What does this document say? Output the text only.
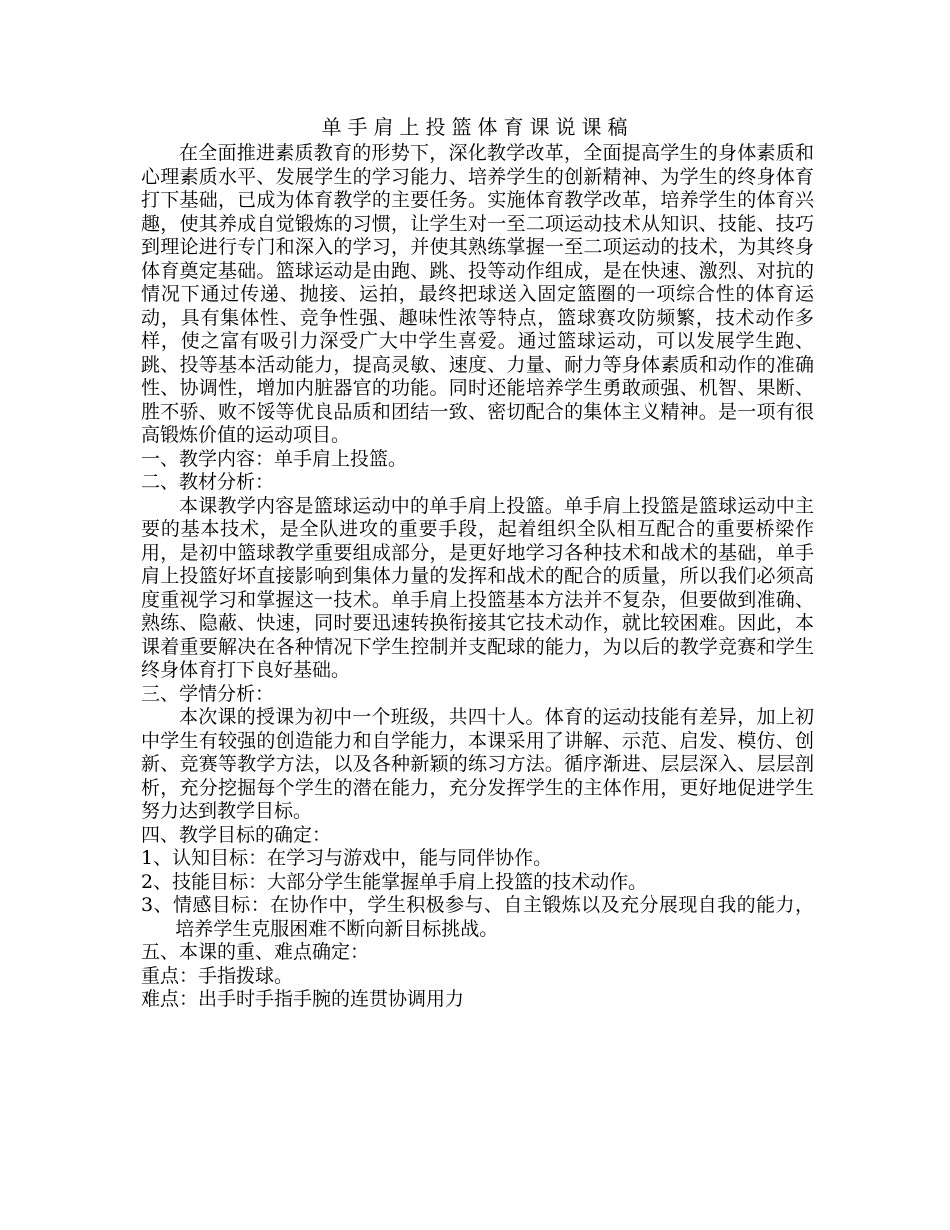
单手肩上投篮体育课说课稿

在全面推进素质教育的形势下，深化教学改革，全面提高学生的身体素质和心理素质水平、发展学生的学习能力、培养学生的创新精神、为学生的终身体育打下基础，已成为体育教学的主要任务。实施体育教学改革，培养学生的体育兴趣，使其养成自觉锻炼的习惯，让学生对一至二项运动技术从知识、技能、技巧到理论进行专门和深入的学习，并使其熟练掌握一至二项运动的技术，为其终身体育奠定基础。篮球运动是由跑、跳、投等动作组成，是在快速、激烈、对抗的情况下通过传递、抛接、运拍，最终把球送入固定篮圈的一项综合性的体育运动，具有集体性、竞争性强、趣味性浓等特点，篮球赛攻防频繁，技术动作多样，使之富有吸引力深受广大中学生喜爱。通过篮球运动，可以发展学生跑、跳、投等基本活动能力，提高灵敏、速度、力量、耐力等身体素质和动作的准确性、协调性，增加内脏器官的功能。同时还能培养学生勇敢顽强、机智、果断、胜不骄、败不馁等优良品质和团结一致、密切配合的集体主义精神。是一项有很高锻炼价值的运动项目。

一、教学内容：单手肩上投篮。

二、教材分析：

本课教学内容是篮球运动中的单手肩上投篮。单手肩上投篮是篮球运动中主要的基本技术，是全队进攻的重要手段，起着组织全队相互配合的重要桥梁作用，是初中篮球教学重要组成部分，是更好地学习各种技术和战术的基础，单手肩上投篮好坏直接影响到集体力量的发挥和战术的配合的质量，所以我们必须高度重视学习和掌握这一技术。单手肩上投篮基本方法并不复杂，但要做到准确、熟练、隐蔽、快速，同时要迅速转换衔接其它技术动作，就比较困难。因此，本课着重要解决在各种情况下学生控制并支配球的能力，为以后的教学竞赛和学生终身体育打下良好基础。

三、学情分析：

本次课的授课为初中一个班级，共四十人。体育的运动技能有差异，加上初中学生有较强的创造能力和自学能力，本课采用了讲解、示范、启发、模仿、创新、竞赛等教学方法，以及各种新颖的练习方法。循序渐进、层层深入、层层剖析，充分挖掘每个学生的潜在能力，充分发挥学生的主体作用，更好地促进学生努力达到教学目标。

四、教学目标的确定：

1、认知目标：在学习与游戏中，能与同伴协作。

2、技能目标：大部分学生能掌握单手肩上投篮的技术动作。

3、情感目标：在协作中，学生积极参与、自主锻炼以及充分展现自我的能力，培养学生克服困难不断向新目标挑战。

五、本课的重、难点确定：

重点：手指拨球。

难点：出手时手指手腕的连贯协调用力
